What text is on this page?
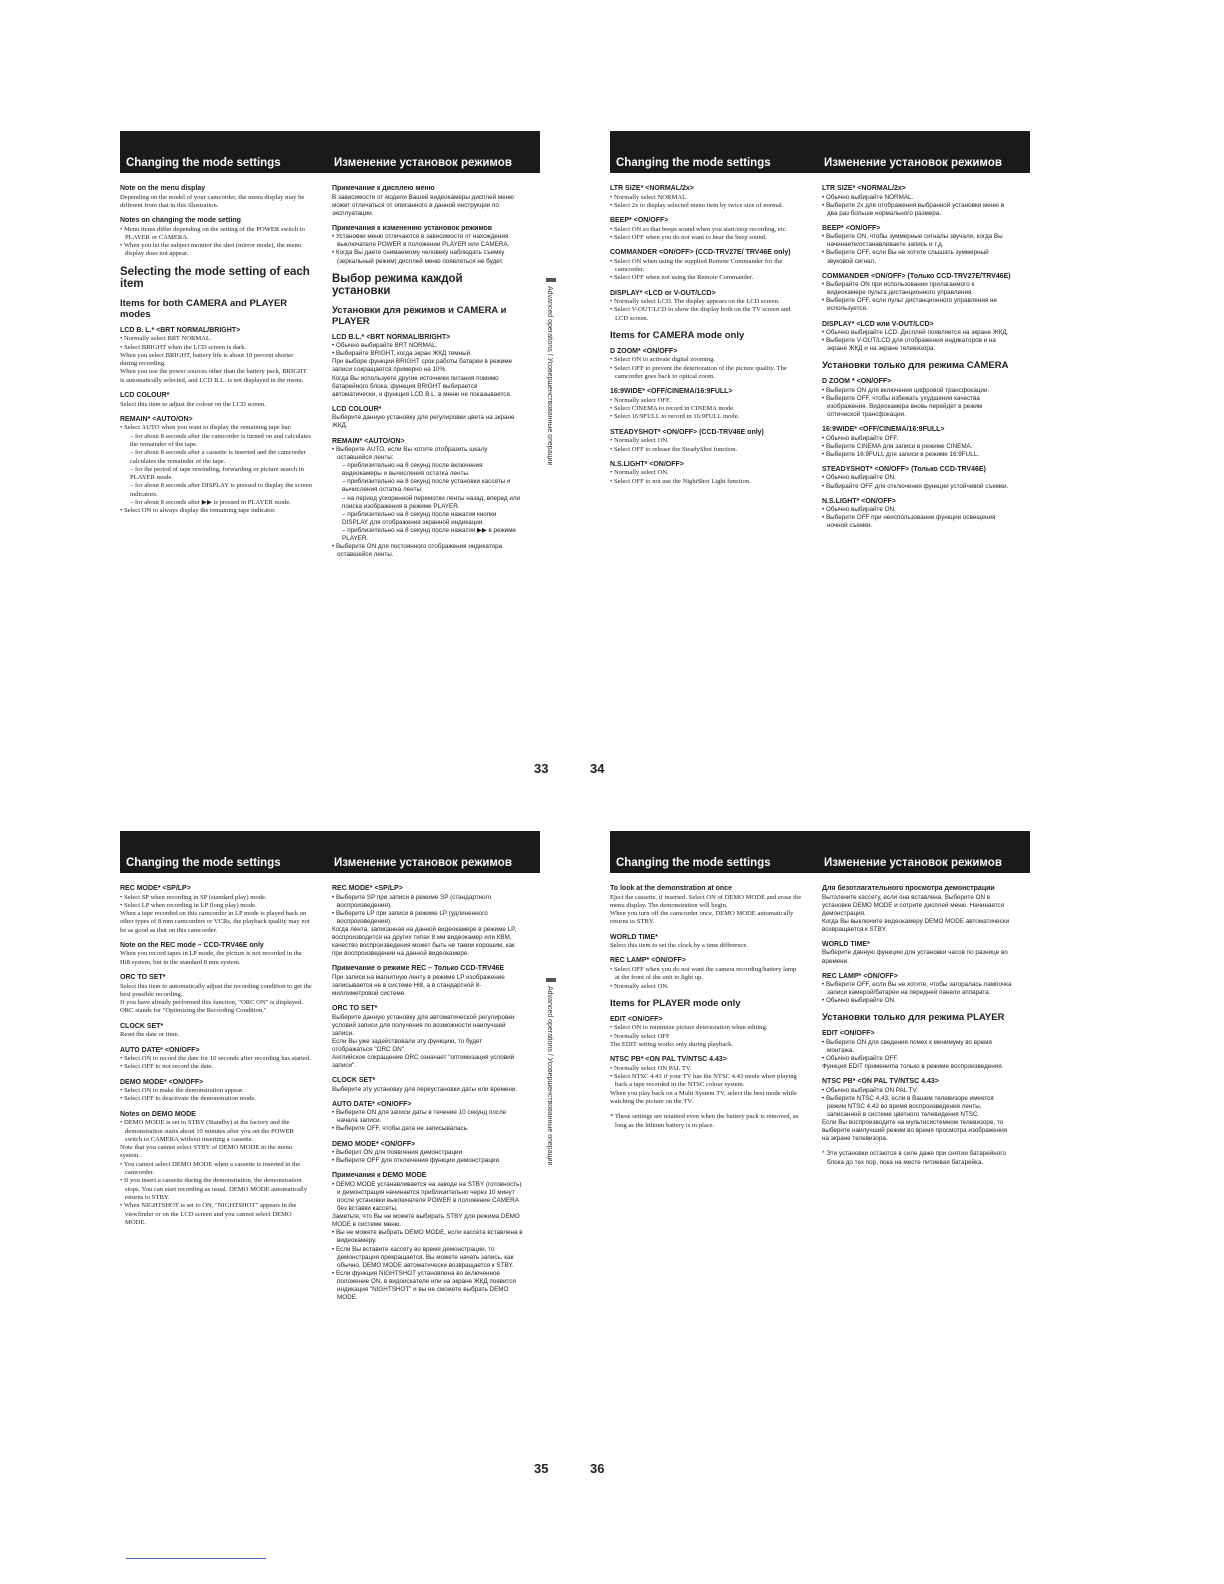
Changing the mode settings	Изменение установок режимов
Note on the menu display
Depending on the model of your camcorder, the menu display may be different from that in this illustration.
Notes on changing the mode setting
• Menu items differ depending on the setting of the POWER switch to PLAYER or CAMERA.
• When you let the subject monitor the shot (mirror mode), the menu display does not appear.
Selecting the mode setting of each item
Items for both CAMERA and PLAYER modes
LCD B. L.* <BRT NORMAL/BRIGHT>
• Normally select BRT NORMAL.
• Select BRIGHT when the LCD screen is dark.
When you select BRIGHT, battery life is about 10 percent shorter during recording.
When you use the power sources other than the battery pack, BRIGHT is automatically selected, and LCD B.L. is not displayed in the menu.
LCD COLOUR*
Select this item to adjust the colour on the LCD screen.
REMAIN* <AUTO/ON>
• Select AUTO when you want to display the remaining tape bar:
– for about 8 seconds after the camcorder is turned on and calculates the remainder of the tape.
– for about 8 seconds after a cassette is inserted and the camcorder calculates the remainder of the tape.
– for the period of tape rewinding, forwarding or picture search in PLAYER mode.
– for about 8 seconds after DISPLAY is pressed to display the screen indicators.
– for about 8 seconds after ▶▶ is pressed in PLAYER mode.
• Select ON to always display the remaining tape indicator.
Примечание к дисплею меню
В зависимости от модели Вашей видеокамеры дисплей меню может отличаться от описанного в данной инструкции по эксплуатации.
Примечания к изменению установок режимов
• Установки меню отличаются в зависимости от нахождения выключателя POWER в положении PLAYER или CAMERA.
• Когда Вы даете снимаемому человеку наблюдать съемку (зеркальный режим) дисплей меню появляться не будет.
Выбор режима каждой установки
Установки для режимов и CAMERA и PLAYER
LCD B.L.* <BRT NORMAL/BRIGHT>
• Обычно выбирайте BRT NORMAL.
• Выбирайте BRIGHT, когда экран ЖКД темный.
При выборе функции BRIGHT срок работы батареи в режиме записи сокращается примерно на 10%.
Когда Вы используете другие источники питания помимо батарейного блока, функция BRIGHT выбирается автоматически, и функция LCD B.L. в меню не показывается.
LCD COLOUR*
Выберите данную установку для регулировки цвета на экране ЖКД.
REMAIN* <AUTO/ON>
• Выберите AUTO, если Вы хотите отобразить шкалу оставшейся ленты:
– приблизительно на 8 секунд после включения видеокамеры и вычисления остатка ленты.
– приблизительно на 8 секунд после установки кассеты и вычисления остатка ленты.
– на период ускоренной перемотки ленты назад, вперед или поиска изображения в режиме PLAYER.
– приблизительно на 8 секунд после нажатия кнопки DISPLAY для отображения экранной индикации.
– приблизительно на 8 секунд после нажатия ▶▶ в режиме PLAYER.
• Выберите ON для постоянного отображения индикатора оставшейся ленты.
Advanced operations / Усовершенствованные операции
33
Changing the mode settings	Изменение установок режимов
LTR SIZE* <NORMAL/2x>
• Normally select NORMAL.
• Select 2x to display selected menu item by twice size of normal.
BEEP* <ON/OFF>
• Select ON so that beeps sound when you start/stop recording, etc.
• Select OFF when you do not want to hear the beep sound.
COMMANDER <ON/OFF> (CCD-TRV27E/ TRV46E only)
• Select ON when using the supplied Remote Commander for the camcorder.
• Select OFF when not using the Remote Commander.
DISPLAY* <LCD or V-OUT/LCD>
• Normally select LCD. The display appears on the LCD screen.
• Select V-OUT/LCD to show the display both on the TV screen and LCD screen.
Items for CAMERA mode only
D ZOOM* <ON/OFF>
• Select ON to activate digital zooming.
• Select OFF to prevent the deterioration of the picture quality. The camcorder goes back to optical zoom.
16:9WIDE* <OFF/CINEMA/16:9FULL>
• Normally select OFF.
• Select CINEMA to record in CINEMA mode.
• Select 16:9FULL to record in 16:9FULL mode.
STEADYSHOT* <ON/OFF> (CCD-TRV46E only)
• Normally select ON.
• Select OFF to release the SteadyShot function.
N.S.LIGHT* <ON/OFF>
• Normally select ON.
• Select OFF to not use the NightShot Light function.
LTR SIZE* <NORMAL/2x>
• Обычно выбирайте NORMAL.
• Выберите 2x для отображения выбранной установки меню в два раз больше нормального размера.
BEEP* <ON/OFF>
• Выберите ON, чтобы зуммерные сигналы звучали, когда Вы начинаете/останавливаете запись и т.д.
• Выберите OFF, если Вы не хотите слышать зуммерный звуковой сигнал.
COMMANDER <ON/OFF> (Только CCD-TRV27E/TRV46E)
• Выбирайте ON при использовании прилагаемого к видеокамере пульта дистанционного управления.
• Выберите OFF, если пульт дистанционного управления не используется.
DISPLAY* <LCD или V-OUT/LCD>
• Обычно выбирайте LCD. Дисплей появляется на экране ЖКД.
• Выберите V-OUT/LCD для отображения индикаторов и на экране ЖКД и на экране телевизора.
Установки только для режима CAMERA
D ZOOM * <ON/OFF>
• Выберите ON для включения цифровой трансфокации.
• Выберите OFF, чтобы избежать ухудшения качества изображения. Видеокамера вновь перейдет в режим оптической трансфокации.
16:9WIDE* <OFF/CINEMA/16:9FULL>
• Обычно выбирайте OFF.
• Выберите CINEMA для записи в режиме CINEMA.
• Выберите 16:9FULL для записи в режиме 16:9FULL.
STEADYSHOT* <ON/OFF> (Только CCD-TRV46E)
• Обычно выбирайте ON.
• Выбирайте OFF для отключения функции устойчивой съемки.
N.S.LIGHT* <ON/OFF>
• Обычно выбирайте ON.
• Выберите OFF при неиспользовании функции освещения ночной съемки.
34
Changing the mode settings	Изменение установок режимов
REC MODE* <SP/LP>
• Select SP when recording in SP (standard play) mode.
• Select LP when recording in LP (long play) mode.
When a tape recorded on this camcorder in LP mode is played back on other types of 8 mm camcorders or VCRs, the playback quality may not be as good as that on this camcorder.
Note on the REC mode – CCD-TRV46E only
When you record tapes in LP mode, the picture is not recorded in the Hi8 system, but in the standard 8 mm system.
ORC TO SET*
Select this item to automatically adjust the recording condition to get the best possible recording.
If you have already performed this function, "ORC ON" is displayed.
ORC stands for "Optimizing the Recording Condition."
CLOCK SET*
Reset the date or time.
AUTO DATE* <ON/OFF>
• Select ON to record the date for 10 seconds after recording has started.
• Select OFF to not record the date.
DEMO MODE* <ON/OFF>
• Select ON to make the demonstration appear.
• Select OFF to deactivate the demonstration mode.
Notes on DEMO MODE
• DEMO MODE is set to STBY (Standby) at the factory and the demonstration starts about 10 minutes after you set the POWER switch to CAMERA without inserting a cassette.
Note that you cannot select STBY of DEMO MODE in the menu system.
• You cannot select DEMO MODE when a cassette is inserted in the camcorder.
• If you insert a cassette during the demonstration, the demonstration stops. You can start recording as usual. DEMO MODE automatically returns to STBY.
• When NIGHTSHOT is set to ON, "NIGHTSHOT" appears in the viewfinder or on the LCD screen and you cannot select DEMO MODE.
REC MODE* <SP/LP>
• Выберите SP при записи в режиме SP (стандартного воспроизведения).
• Выберите LP при записи в режиме LP (удлиненного воспроизведения).
Когда лента, записанная на данной видеокамере в режиме LP, воспроизводится на других типах 8 мм видеокамер или КВМ, качество воспроизведения может быть не таким хорошим, как при воспроизведении на данной видеокамере.
Примечание о режиме REC – Только CCD-TRV46E
При записи на магнитную ленту в режиме LP изображение записывается не в системе Hi8, а в стандартной 8-миллиметровой системе.
ORC TO SET*
Выберите данную установку для автоматической регулировки условий записи для получения по возможности наилучшей записи.
Если Вы уже задействовали эту функцию, то будет отображаться "ORC ON".
Английское сокращение ORC означает "оптимизация условий записи".
CLOCK SET*
Выберите эту установку для переустановки даты или времени.
AUTO DATE* <ON/OFF>
• Выберите ON для записи даты в течение 10 секунд после начала записи.
• Выберите OFF, чтобы дата не записывалась.
DEMO MODE* <ON/OFF>
• Выберит ON для появления демонстрации.
• Выберите OFF для отключения функции демонстрации.
Примечания к DEMO MODE
• DEMO MODE устанавливается на заводе на STBY (готовность) и демонстрация начинается приблизительно через 10 минут после установки выключателя POWER в положение CAMERA без вставки кассеты.
Заметьте, что Вы не можете выбирать STBY для режима DEMO MODE в системе меню.
• Вы не можете выбрать DEMO MODE, если кассета вставлена в видеокамеру.
• Если Вы вставите кассету во время демонстрации, то демонстрация прекращается. Вы можете начать запись, как обычно. DEMO MODE автоматически возвращается к STBY.
• Если функция NIGHTSHOT установлена во включенное положение ON, в видоискателе или на экране ЖКД появится индикация "NIGHTSHOT" и вы не сможете выбрать DEMO MODE.
Advanced operations / Усовершенствованные операции
35
Changing the mode settings	Изменение установок режимов
To look at the demonstration at once
Eject the cassette, if inserted. Select ON of DEMO MODE and erase the menu display. The demonstration will begin.
When you turn off the camcorder once, DEMO MODE automatically returns to STBY.
WORLD TIME*
Select this item to set the clock by a time difference.
REC LAMP* <ON/OFF>
• Select OFF when you do not want the camera recording/battery lamp at the front of the unit to light up.
• Normally select ON.
Items for PLAYER mode only
EDIT <ON/OFF>
• Select ON to minimize picture deterioration when editing.
• Normally select OFF.
The EDIT setting works only during playback.
NTSC PB* <ON PAL TV/NTSC 4.43>
• Normally select ON PAL TV.
• Select NTSC 4.43 if your TV has the NTSC 4.43 mode when playing back a tape recorded in the NTSC colour system.
When you play back on a Multi System TV, select the best mode while watching the picture on the TV.
* These settings are retained even when the battery pack is removed, as long as the lithium battery is in place.
Для безотлагательного просмотра демонстрации
Вытолкните кассету, если она вставлена. Выберите ON в установке DEMO MODE и сотрите дисплей меню. Начинается демонстрация.
Когда Вы выключите видеокамеру DEMO MODE автоматически возвращается к STBY.
WORLD TIME*
Выберите данную функцию для установки часов по разнице во времени.
REC LAMP* <ON/OFF>
• Выберите OFF, если Вы не хотите, чтобы загоралась лампочка записи камерой/батареи на передней панели аппарата.
• Обычно выбирайте ON.
Установки только для режима PLAYER
EDIT <ON/OFF>
• Выберите ON для сведения помех к минимуму во время монтажа.
• Обычно выбирайте OFF.
Функция EDIT примениma только в режиме воспроизведения.
NTSC PB* <ON PAL TV/NTSC 4.43>
• Обычно выбирайте ON PAL TV.
• Выберите NTSC 4.43, если в Вашем телевизоре имеется режим NTSC 4.43 во время воспроизведения ленты, записанной в системе цветного телевидения NTSC.
Если Вы воспроизводите на мультисистемном телевизоре, то выберите наилучший режим во время просмотра изображения на экране телевизора.
* Эти установки остаются в силе даже при снятии батарейного блока до тех пор, пока на месте литиевая батарейка.
36
